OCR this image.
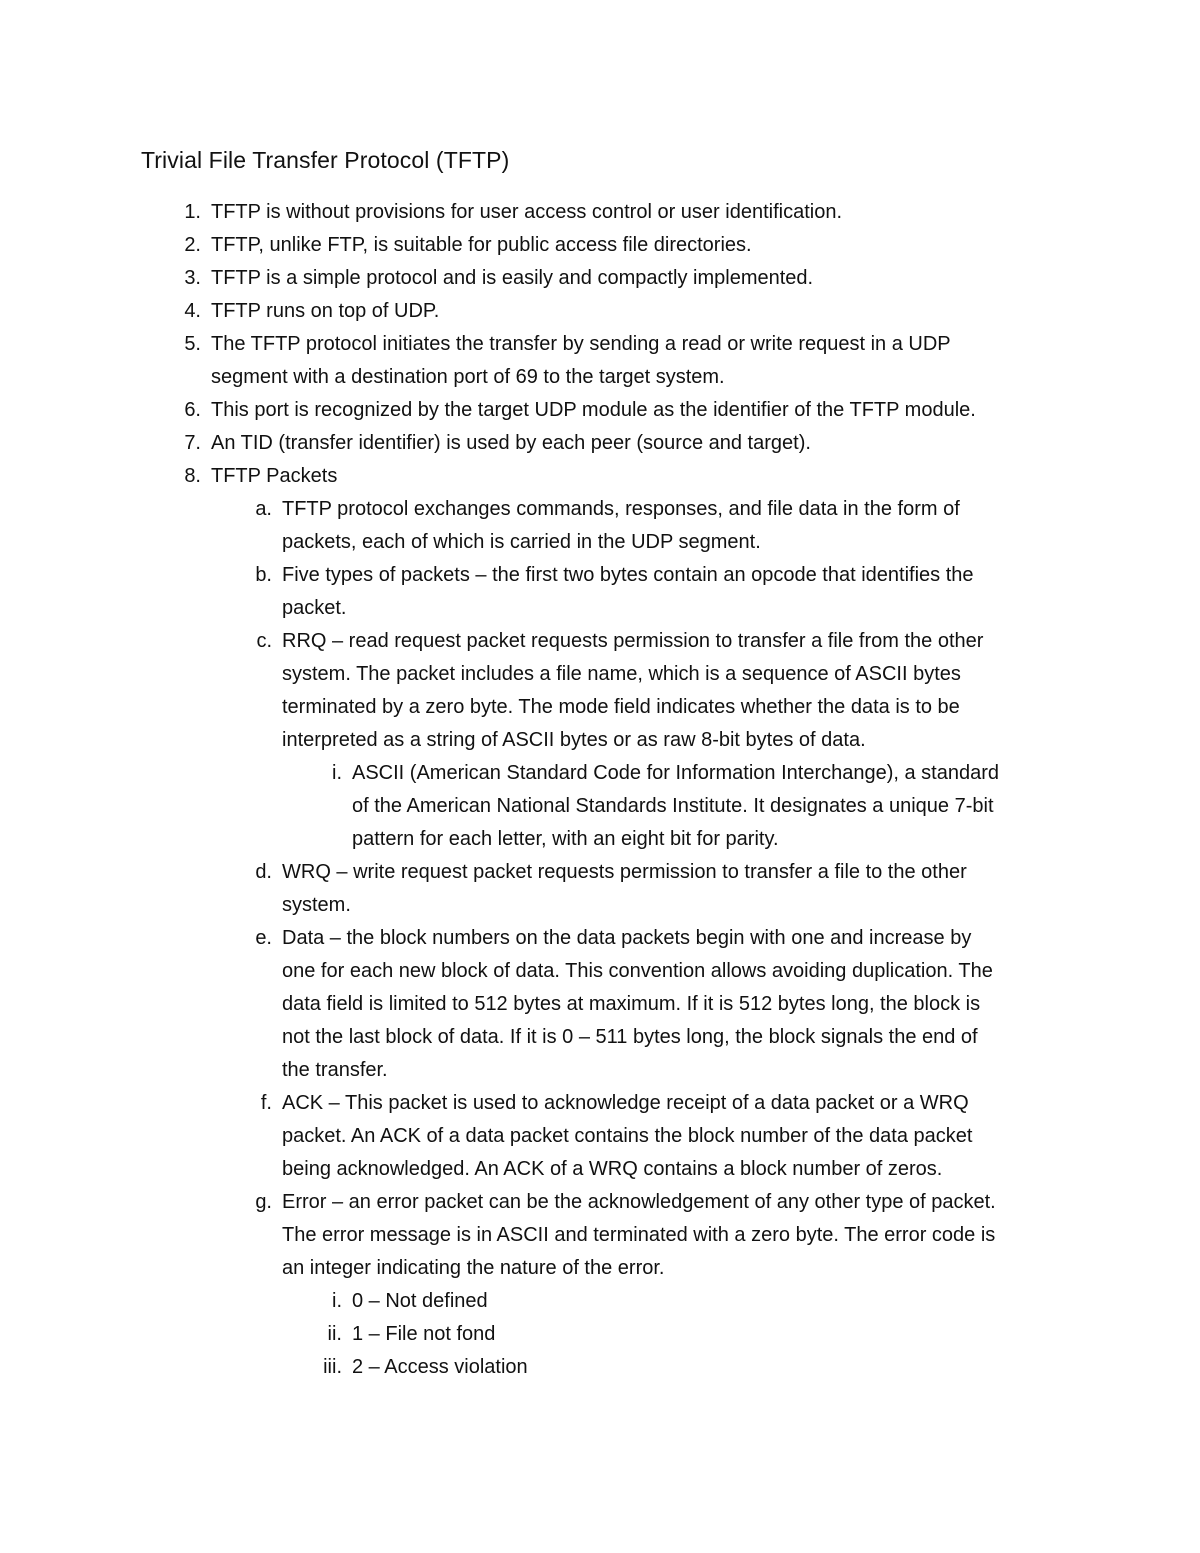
Trivial File Transfer Protocol (TFTP)
1. TFTP is without provisions for user access control or user identification.
2. TFTP, unlike FTP, is suitable for public access file directories.
3. TFTP is a simple protocol and is easily and compactly implemented.
4. TFTP runs on top of UDP.
5. The TFTP protocol initiates the transfer by sending a read or write request in a UDP
segment with a destination port of 69 to the target system.
6. This port is recognized by the target UDP module as the identifier of the TFTP module.
7. An TID (transfer identifier) is used by each peer (source and target).
8. TFTP Packets
a. TFTP protocol exchanges commands, responses, and file data in the form of
packets, each of which is carried in the UDP segment.
b. Five types of packets – the first two bytes contain an opcode that identifies the
packet.
c. RRQ – read request packet requests permission to transfer a file from the other
system. The packet includes a file name, which is a sequence of ASCII bytes
terminated by a zero byte. The mode field indicates whether the data is to be
interpreted as a string of ASCII bytes or as raw 8-bit bytes of data.
i. ASCII (American Standard Code for Information Interchange), a standard
of the American National Standards Institute. It designates a unique 7-bit
pattern for each letter, with an eight bit for parity.
d. WRQ – write request packet requests permission to transfer a file to the other
system.
e. Data – the block numbers on the data packets begin with one and increase by
one for each new block of data. This convention allows avoiding duplication. The
data field is limited to 512 bytes at maximum. If it is 512 bytes long, the block is
not the last block of data. If it is 0 – 511 bytes long, the block signals the end of
the transfer.
f. ACK – This packet is used to acknowledge receipt of a data packet or a WRQ
packet. An ACK of a data packet contains the block number of the data packet
being acknowledged. An ACK of a WRQ contains a block number of zeros.
g. Error – an error packet can be the acknowledgement of any other type of packet.
The error message is in ASCII and terminated with a zero byte. The error code is
an integer indicating the nature of the error.
i. 0 – Not defined
ii. 1 – File not fond
iii. 2 – Access violation
